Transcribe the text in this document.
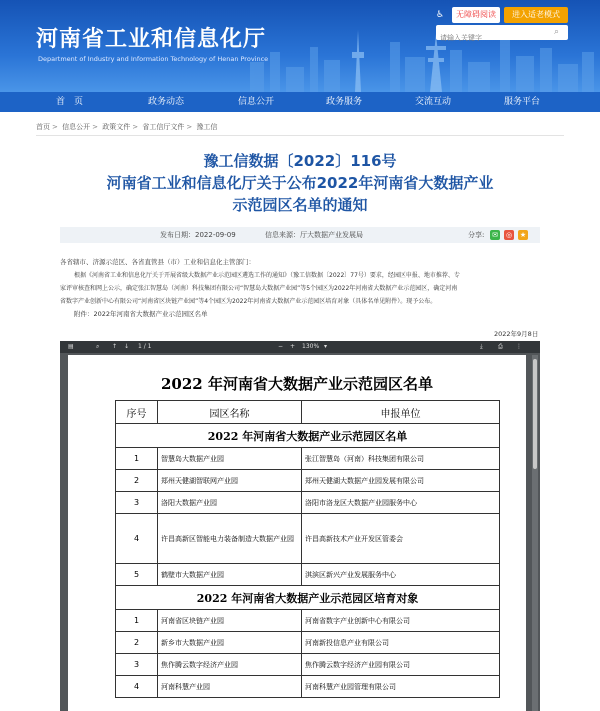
河南省工业和信息化厅
Department of Industry and Information Technology of Henan Province
♿	无障碍阅读	进入适老模式
请输入关键字
⌕
首　页	政务动态	信息公开	政务服务	交流互动	服务平台
首页 > 信息公开 > 政策文件 > 省工信厅文件 > 豫工信
豫工信数据〔2022〕116号
河南省工业和信息化厅关于公布2022年河南省大数据产业
示范园区名单的通知
发布日期：2022-09-09	信息来源：厅大数据产业发展局	分享: ✉ ◎ ★
各省辖市、济源示范区、各省直管县（市）工业和信息化主管部门：
根据《河南省工业和信息化厅关于开展省级大数据产业示范园区遴选工作的通知》（豫工信数据〔2022〕77号）要求，经园区申报、地市推荐、专
家评审核查和网上公示，确定张江智慧岛（河南）科技集团有限公司“智慧岛大数据产业园”等5个园区为2022年河南省大数据产业示范园区，确定河南
省数字产业创新中心有限公司“河南省区块链产业园”等4个园区为2022年河南省大数据产业示范园区培育对象（具体名单见附件）。现予公布。
附件：2022年河南省大数据产业示范园区名单
2022年9月8日
▤	⌕ ↑ ↓ 1 / 1	− + 130% ▾	⤓	⎙ ⋮
2022 年河南省大数据产业示范园区名单
序号	园区名称	申报单位
2022 年河南省大数据产业示范园区名单		
1	智慧岛大数据产业园	张江智慧岛（河南）科技集团有限公司
2	郑州天健湖智联网产业园	郑州天健湖大数据产业园发展有限公司
3	洛阳大数据产业园	洛阳市洛龙区大数据产业园服务中心
4	许昌高新区智能电力装备制造大数据产业园	许昌高新技术产业开发区管委会
5	鹤壁市大数据产业园	淇滨区新兴产业发展服务中心
2022 年河南省大数据产业示范园区培育对象		
1	河南省区块链产业园	河南省数字产业创新中心有限公司
2	新乡市大数据产业园	河南新投信息产业有限公司
3	焦作腾云数字经济产业园	焦作腾云数字经济产业园有限公司
4	河南科慧产业园	河南科慧产业园管理有限公司
